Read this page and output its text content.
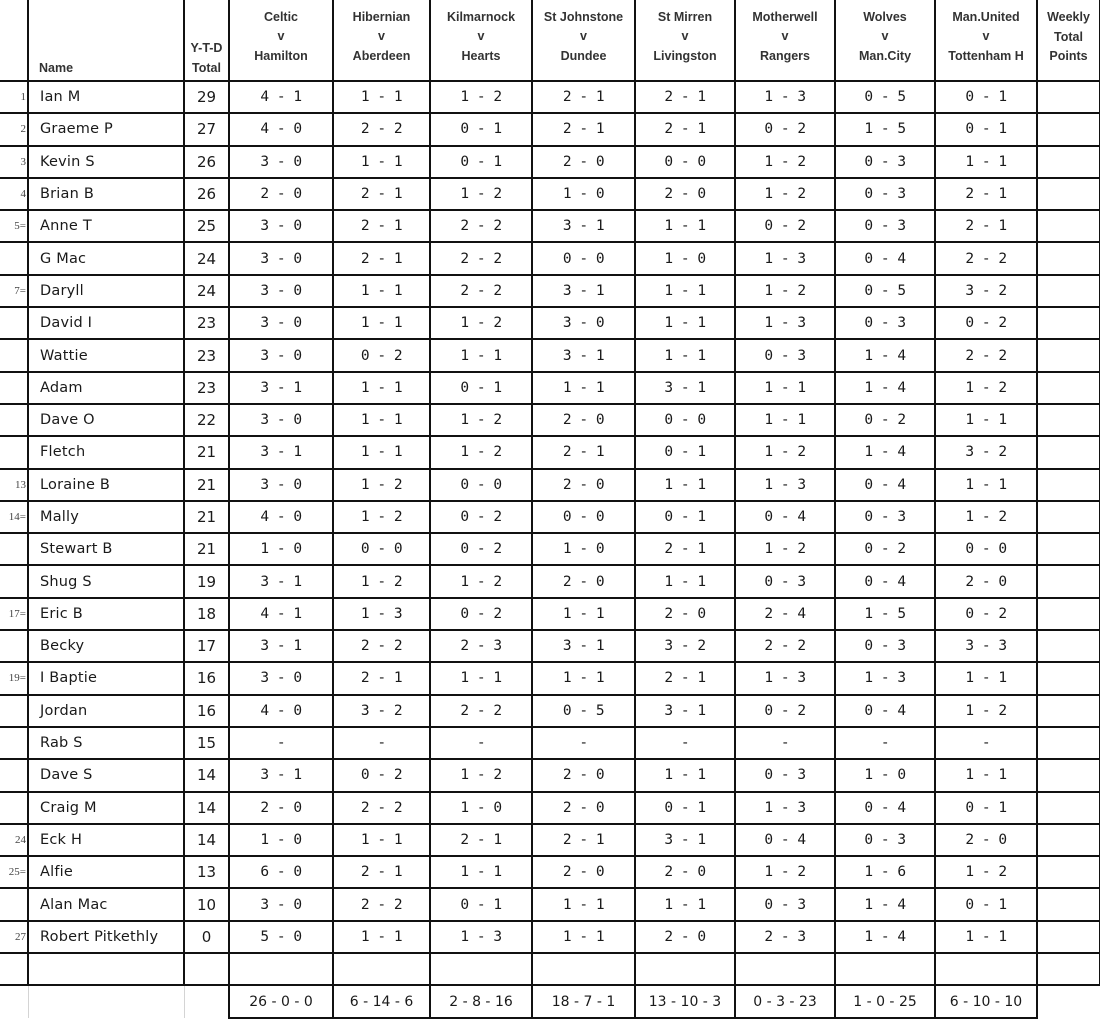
	Name	
Y-T-D
Total

Celtic
v
Hamilton

Hibernian
v
Aberdeen

Kilmarnock
v
Hearts

St Johnstone
v
Dundee

St Mirren
v
Livingston

Motherwell
v
Rangers

Wolves
v
Man.City

Man.United
v
Tottenham H

Weekly
Total
Points

1	Ian M	29	4 - 1	1 - 1	1 - 2	2 - 1	2 - 1	1 - 3	0 - 5	0 - 1	
2	Graeme P	27	4 - 0	2 - 2	0 - 1	2 - 1	2 - 1	0 - 2	1 - 5	0 - 1	
3	Kevin S	26	3 - 0	1 - 1	0 - 1	2 - 0	0 - 0	1 - 2	0 - 3	1 - 1	
4	Brian B	26	2 - 0	2 - 1	1 - 2	1 - 0	2 - 0	1 - 2	0 - 3	2 - 1	
5=	Anne T	25	3 - 0	2 - 1	2 - 2	3 - 1	1 - 1	0 - 2	0 - 3	2 - 1	
	G Mac	24	3 - 0	2 - 1	2 - 2	0 - 0	1 - 0	1 - 3	0 - 4	2 - 2	
7=	Daryll	24	3 - 0	1 - 1	2 - 2	3 - 1	1 - 1	1 - 2	0 - 5	3 - 2	
	David I	23	3 - 0	1 - 1	1 - 2	3 - 0	1 - 1	1 - 3	0 - 3	0 - 2	
	Wattie	23	3 - 0	0 - 2	1 - 1	3 - 1	1 - 1	0 - 3	1 - 4	2 - 2	
	Adam	23	3 - 1	1 - 1	0 - 1	1 - 1	3 - 1	1 - 1	1 - 4	1 - 2	
	Dave O	22	3 - 0	1 - 1	1 - 2	2 - 0	0 - 0	1 - 1	0 - 2	1 - 1	
	Fletch	21	3 - 1	1 - 1	1 - 2	2 - 1	0 - 1	1 - 2	1 - 4	3 - 2	
13	Loraine B	21	3 - 0	1 - 2	0 - 0	2 - 0	1 - 1	1 - 3	0 - 4	1 - 1	
14=	Mally	21	4 - 0	1 - 2	0 - 2	0 - 0	0 - 1	0 - 4	0 - 3	1 - 2	
	Stewart B	21	1 - 0	0 - 0	0 - 2	1 - 0	2 - 1	1 - 2	0 - 2	0 - 0	
	Shug S	19	3 - 1	1 - 2	1 - 2	2 - 0	1 - 1	0 - 3	0 - 4	2 - 0	
17=	Eric B	18	4 - 1	1 - 3	0 - 2	1 - 1	2 - 0	2 - 4	1 - 5	0 - 2	
	Becky	17	3 - 1	2 - 2	2 - 3	3 - 1	3 - 2	2 - 2	0 - 3	3 - 3	
19=	I Baptie	16	3 - 0	2 - 1	1 - 1	1 - 1	2 - 1	1 - 3	1 - 3	1 - 1	
	Jordan	16	4 - 0	3 - 2	2 - 2	0 - 5	3 - 1	0 - 2	0 - 4	1 - 2	
	Rab S	15	-	-	-	-	-	-	-	-	
	Dave S	14	3 - 1	0 - 2	1 - 2	2 - 0	1 - 1	0 - 3	1 - 0	1 - 1	
	Craig M	14	2 - 0	2 - 2	1 - 0	2 - 0	0 - 1	1 - 3	0 - 4	0 - 1	
24	Eck H	14	1 - 0	1 - 1	2 - 1	2 - 1	3 - 1	0 - 4	0 - 3	2 - 0	
25=	Alfie	13	6 - 0	2 - 1	1 - 1	2 - 0	2 - 0	1 - 2	1 - 6	1 - 2	
	Alan Mac	10	3 - 0	2 - 2	0 - 1	1 - 1	1 - 1	0 - 3	1 - 4	0 - 1	
27	Robert Pitkethly	0	5 - 0	1 - 1	1 - 3	1 - 1	2 - 0	2 - 3	1 - 4	1 - 1	

			26 - 0 - 0	6 - 14 - 6	2 - 8 - 16	18 - 7 - 1	13 - 10 - 3	0 - 3 - 23	1 - 0 - 25	6 - 10 - 10	
